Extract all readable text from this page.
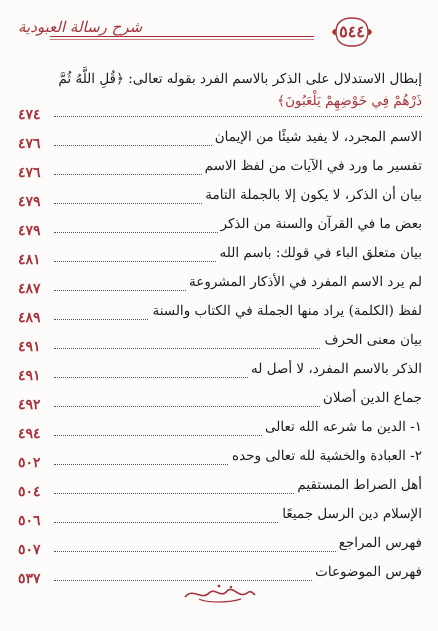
شرح رسالة العبودية	٥٤٤
إبطال الاستدلال على الذكر بالاسم الفرد بقوله تعالى: ﴿قُلِ اللَّهُ ثُمَّ
ذَرْهُمْ فِي خَوْضِهِمْ يَلْعَبُونَ﴾
٤٧٤
الاسم المجرد، لا يفيد شيئًا من الإيمان
٤٧٦
تفسير ما ورد في الآيات من لفظ الاسم
٤٧٦
بيان أن الذكر، لا يكون إلا بالجملة التامة
٤٧٩
بعض ما في القرآن والسنة من الذكر
٤٧٩
بيان متعلق الباء في قولك: باسم الله
٤٨١
لم يرد الاسم المفرد في الأذكار المشروعة
٤٨٧
لفظ (الكلمة) يراد منها الجملة في الكتاب والسنة
٤٨٩
بيان معنى الحرف
٤٩١
الذكر بالاسم المفرد، لا أصل له
٤٩١
جماع الدين أصلان
٤٩٢
١- الدين ما شرعه الله تعالى
٤٩٤
٢- العبادة والخشية لله تعالى وحده
٥٠٢
أهل الصراط المستقيم
٥٠٤
الإسلام دين الرسل جميعًا
٥٠٦
فهرس المراجع
٥٠٧
فهرس الموضوعات
٥٣٧
